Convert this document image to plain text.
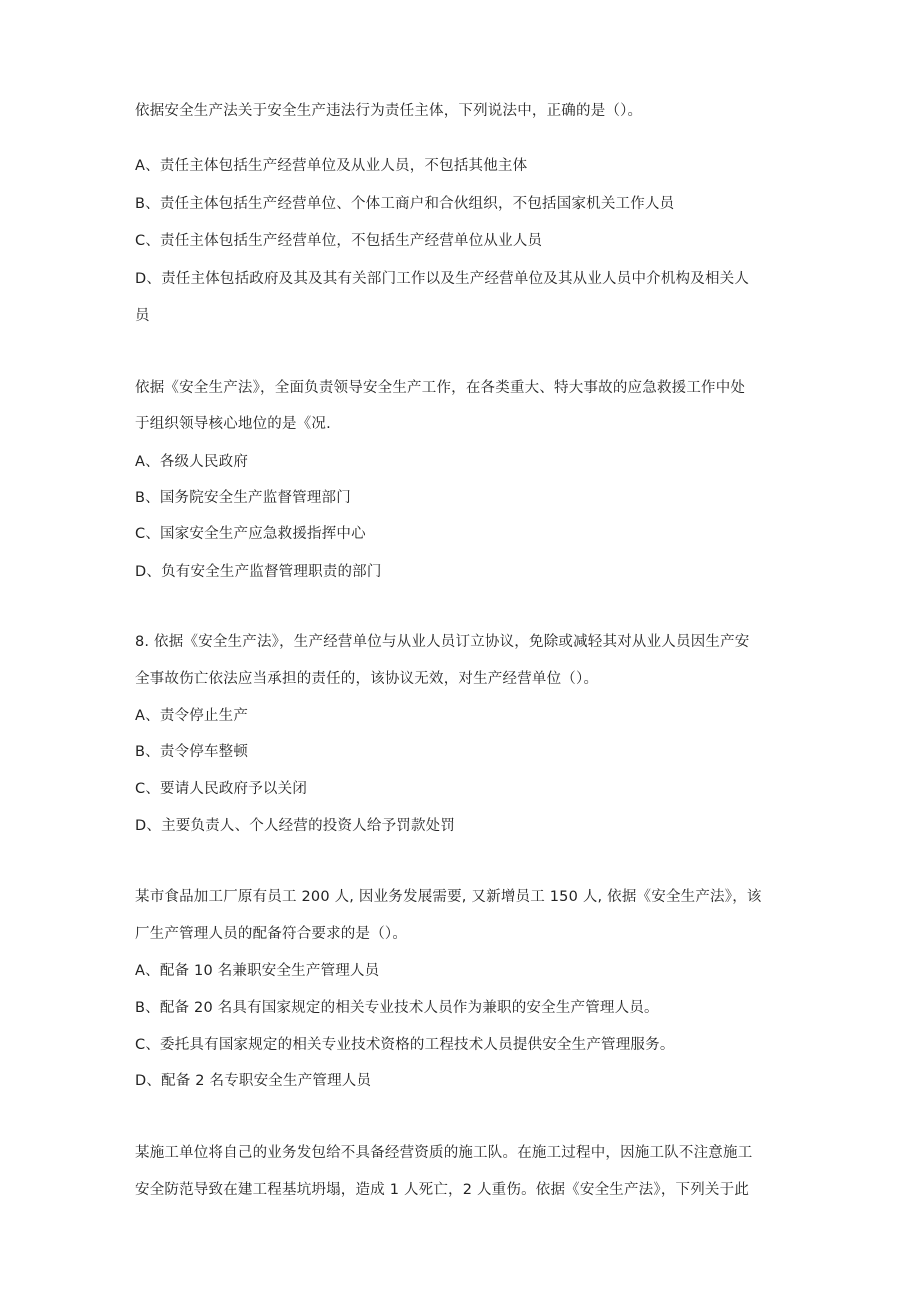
依据安全生产法关于安全生产违法行为责任主体，下列说法中，正确的是（）。
A、责任主体包括生产经营单位及从业人员，不包括其他主体
B、责任主体包括生产经营单位、个体工商户和合伙组织，不包括国家机关工作人员
C、责任主体包括生产经营单位，不包括生产经营单位从业人员
D、责任主体包括政府及其及其有关部门工作以及生产经营单位及其从业人员中介机构及相关人
员
依据《安全生产法》，全面负责领导安全生产工作，在各类重大、特大事故的应急救援工作中处
于组织领导核心地位的是《况.
A、各级人民政府
B、国务院安全生产监督管理部门
C、国家安全生产应急救援指挥中心
D、负有安全生产监督管理职责的部门
8. 依据《安全生产法》，生产经营单位与从业人员订立协议，免除或减轻其对从业人员因生产安
全事故伤亡依法应当承担的责任的，该协议无效，对生产经营单位（）。
A、责令停止生产
B、责令停车整顿
C、要请人民政府予以关闭
D、主要负责人、个人经营的投资人给予罚款处罚
某市食品加工厂原有员工 200 人, 因业务发展需要, 又新增员工 150 人, 依据《安全生产法》，该
厂生产管理人员的配备符合要求的是（）。
A、配备 10 名兼职安全生产管理人员
B、配备 20 名具有国家规定的相关专业技术人员作为兼职的安全生产管理人员。
C、委托具有国家规定的相关专业技术资格的工程技术人员提供安全生产管理服务。
D、配备 2 名专职安全生产管理人员
某施工单位将自己的业务发包给不具备经营资质的施工队。在施工过程中，因施工队不注意施工
安全防范导致在建工程基坑坍塌，造成 1 人死亡，2 人重伤。依据《安全生产法》，下列关于此
